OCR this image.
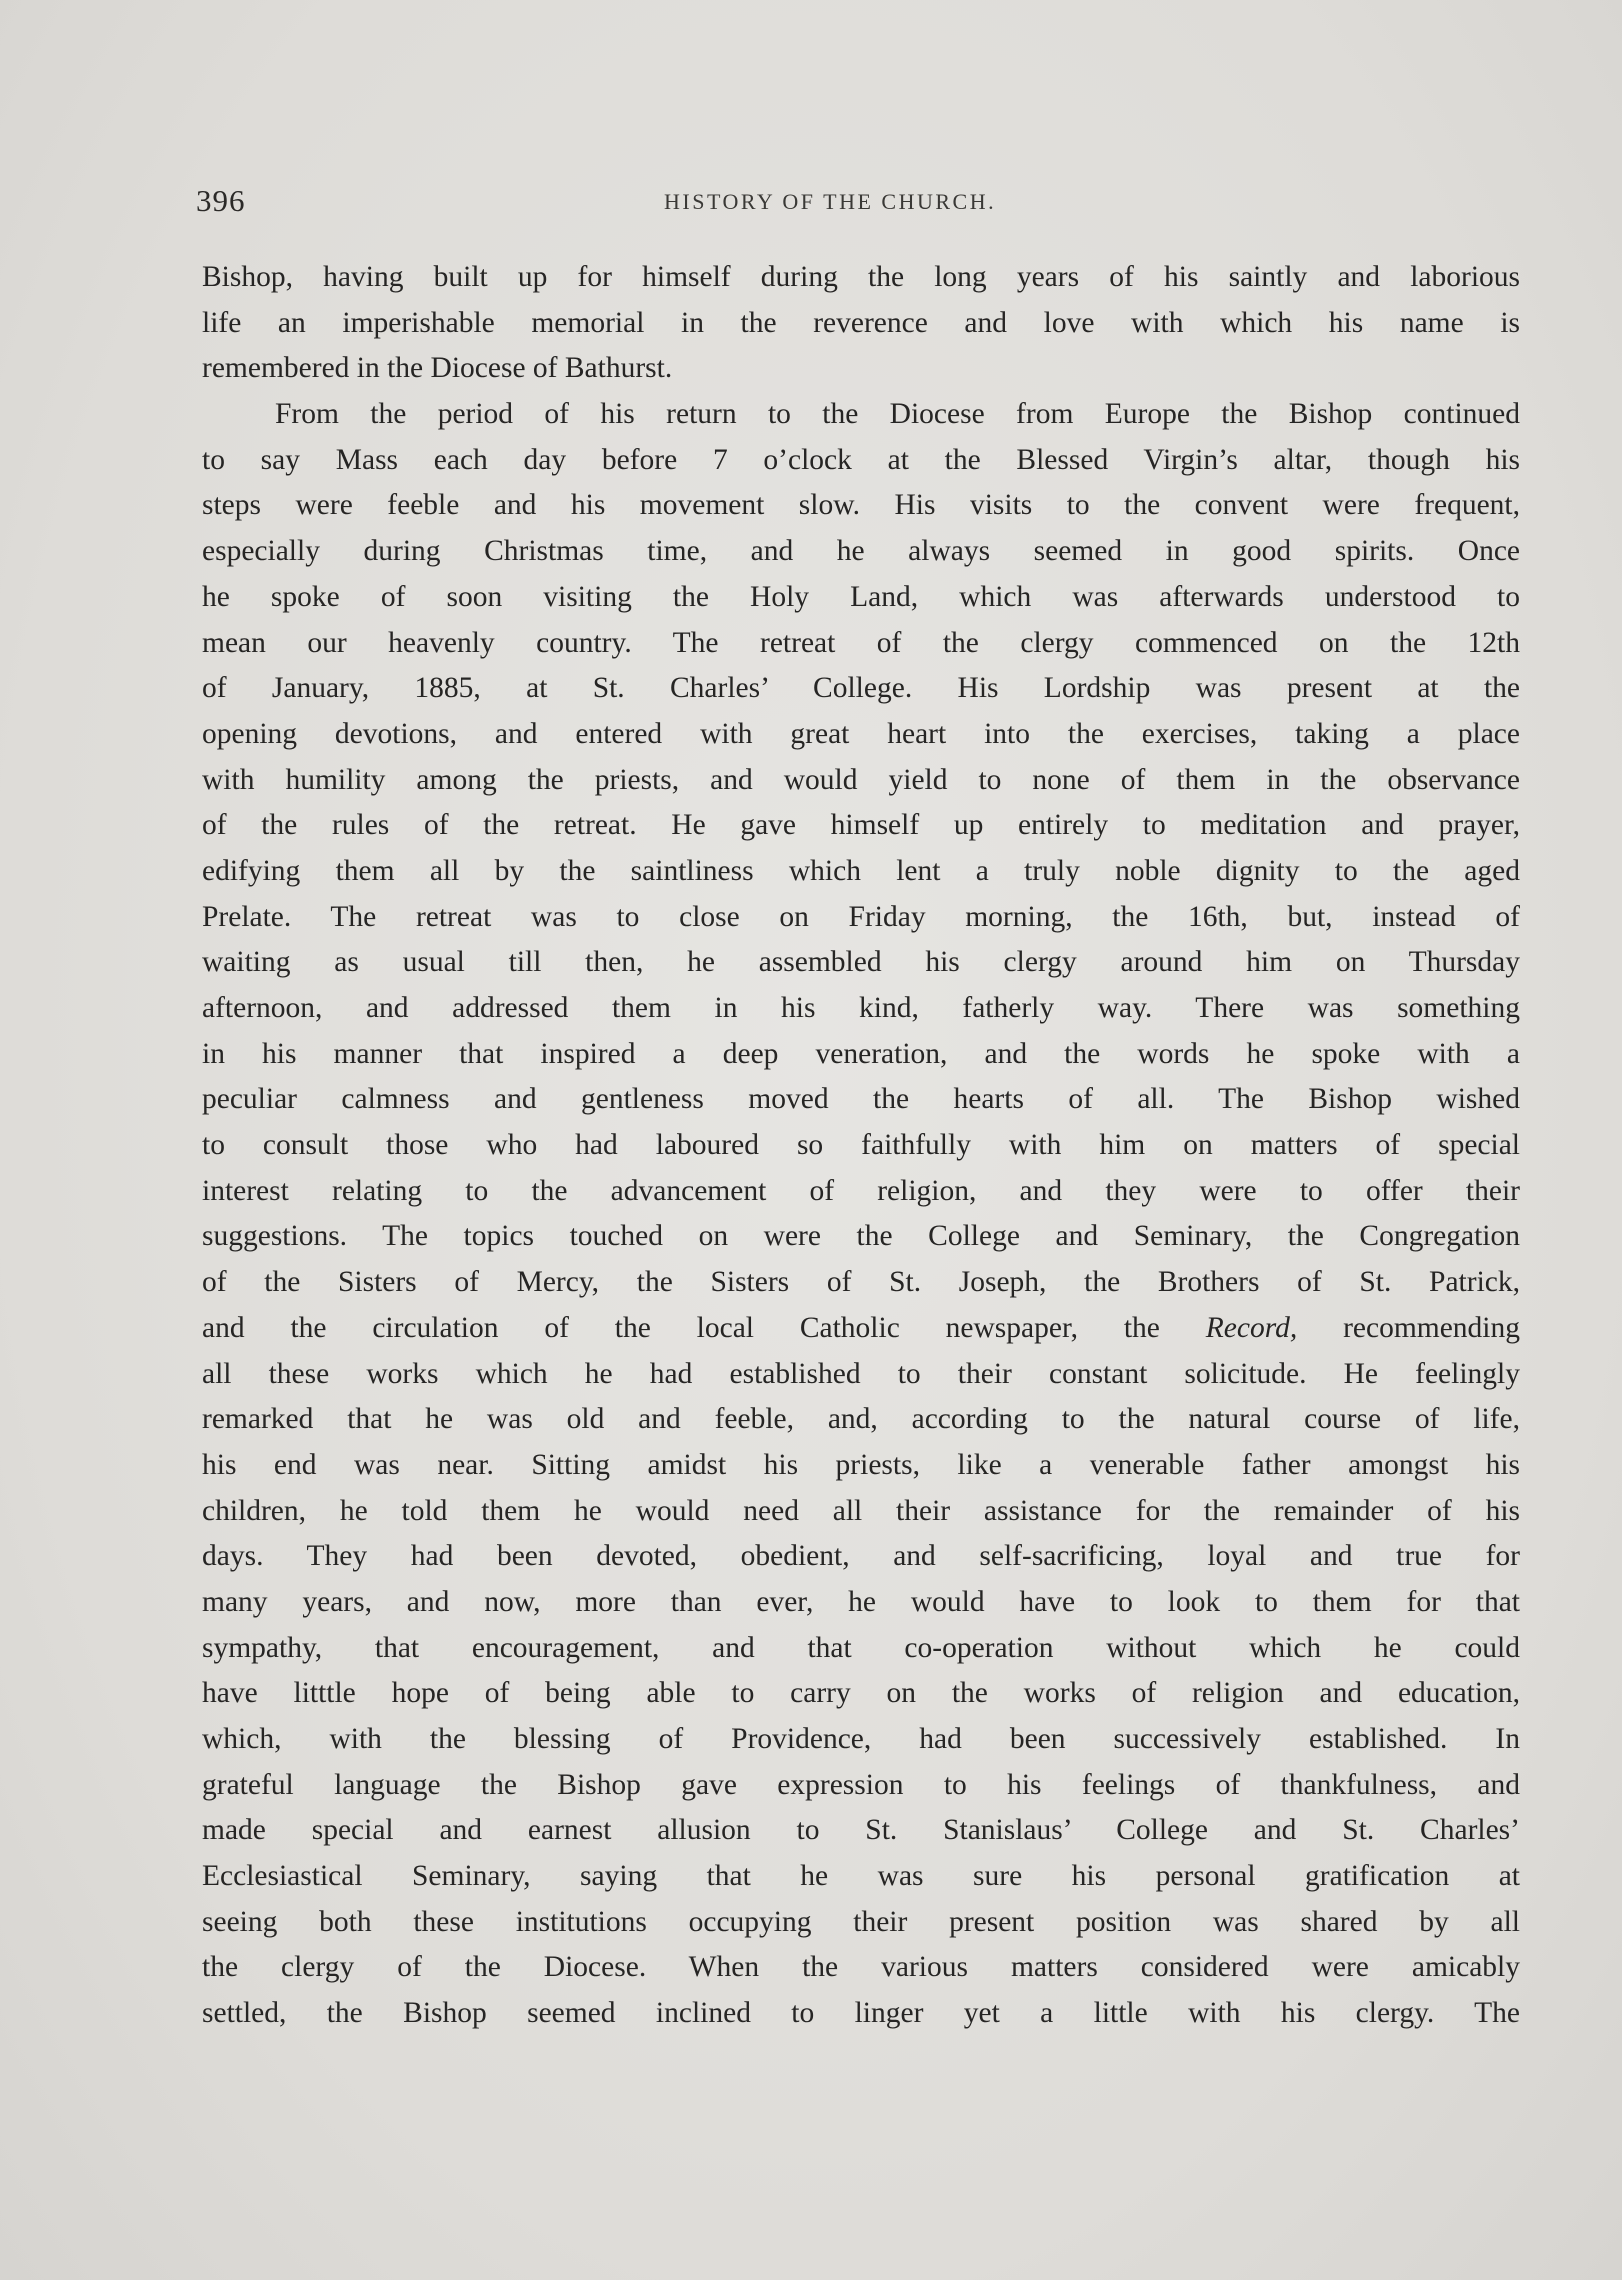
396	HISTORY OF THE CHURCH.
Bishop, having built up for himself during the long years of his saintly and laborious
life an imperishable memorial in the reverence and love with which his name is
remembered in the Diocese of Bathurst.
From the period of his return to the Diocese from Europe the Bishop continued
to say Mass each day before 7 o’clock at the Blessed Virgin’s altar, though his
steps were feeble and his movement slow. His visits to the convent were frequent,
especially during Christmas time, and he always seemed in good spirits. Once
he spoke of soon visiting the Holy Land, which was afterwards understood to
mean our heavenly country. The retreat of the clergy commenced on the 12th
of January, 1885, at St. Charles’ College. His Lordship was present at the
opening devotions, and entered with great heart into the exercises, taking a place
with humility among the priests, and would yield to none of them in the observance
of the rules of the retreat. He gave himself up entirely to meditation and prayer,
edifying them all by the saintliness which lent a truly noble dignity to the aged
Prelate. The retreat was to close on Friday morning, the 16th, but, instead of
waiting as usual till then, he assembled his clergy around him on Thursday
afternoon, and addressed them in his kind, fatherly way. There was something
in his manner that inspired a deep veneration, and the words he spoke with a
peculiar calmness and gentleness moved the hearts of all. The Bishop wished
to consult those who had laboured so faithfully with him on matters of special
interest relating to the advancement of religion, and they were to offer their
suggestions. The topics touched on were the College and Seminary, the Congregation
of the Sisters of Mercy, the Sisters of St. Joseph, the Brothers of St. Patrick,
and the circulation of the local Catholic newspaper, the Record, recommending
all these works which he had established to their constant solicitude. He feelingly
remarked that he was old and feeble, and, according to the natural course of life,
his end was near. Sitting amidst his priests, like a venerable father amongst his
children, he told them he would need all their assistance for the remainder of his
days. They had been devoted, obedient, and self-sacrificing, loyal and true for
many years, and now, more than ever, he would have to look to them for that
sympathy, that encouragement, and that co-operation without which he could
have litttle hope of being able to carry on the works of religion and education,
which, with the blessing of Providence, had been successively established. In
grateful language the Bishop gave expression to his feelings of thankfulness, and
made special and earnest allusion to St. Stanislaus’ College and St. Charles’
Ecclesiastical Seminary, saying that he was sure his personal gratification at
seeing both these institutions occupying their present position was shared by all
the clergy of the Diocese. When the various matters considered were amicably
settled, the Bishop seemed inclined to linger yet a little with his clergy. The
